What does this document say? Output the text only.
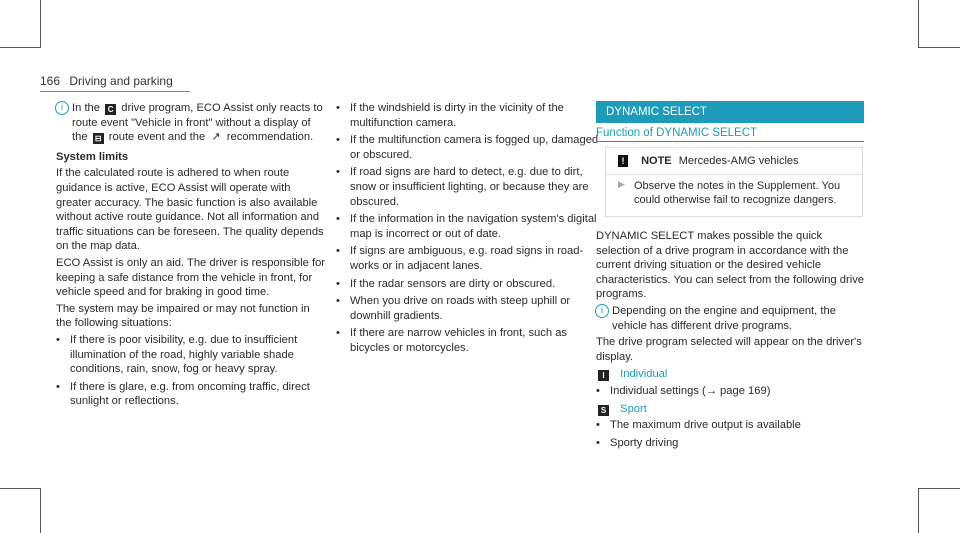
166 Driving and parking

i In the C drive program, ECO Assist only reacts to route event "Vehicle in front" without a display of the ⊟ route event and the ↗ recommendation.

System limits

If the calculated route is adhered to when route guidance is active, ECO Assist will operate with greater accuracy. The basic function is also available without active route guidance. Not all information and traffic situations can be foreseen. The quality depends on the map data.

ECO Assist is only an aid. The driver is responsible for keeping a safe distance from the vehicle in front, for vehicle speed and for braking in good time.

The system may be impaired or may not function in the following situations:

• If there is poor visibility, e.g. due to insufficient illumination of the road, highly variable shade conditions, rain, snow, fog or heavy spray.
• If there is glare, e.g. from oncoming traffic, direct sunlight or reflections.
• If the windshield is dirty in the vicinity of the multifunction camera.
• If the multifunction camera is fogged up, damaged or obscured.
• If road signs are hard to detect, e.g. due to dirt, snow or insufficient lighting, or because they are obscured.
• If the information in the navigation system's digital map is incorrect or out of date.
• If signs are ambiguous, e.g. road signs in road-works or in adjacent lanes.
• If the radar sensors are dirty or obscured.
• When you drive on roads with steep uphill or downhill gradients.
• If there are narrow vehicles in front, such as bicycles or motorcycles.
DYNAMIC SELECT
Function of DYNAMIC SELECT
! NOTE Mercedes-AMG vehicles
▶ Observe the notes in the Supplement. You could otherwise fail to recognize dangers.

DYNAMIC SELECT makes possible the quick selection of a drive program in accordance with the current driving situation or the desired vehicle characteristics. You can select from the following drive programs.

i Depending on the engine and equipment, the vehicle has different drive programs.

The drive program selected will appear on the driver's display.

I Individual

• Individual settings (→ page 169)

S Sport

• The maximum drive output is available
• Sporty driving
